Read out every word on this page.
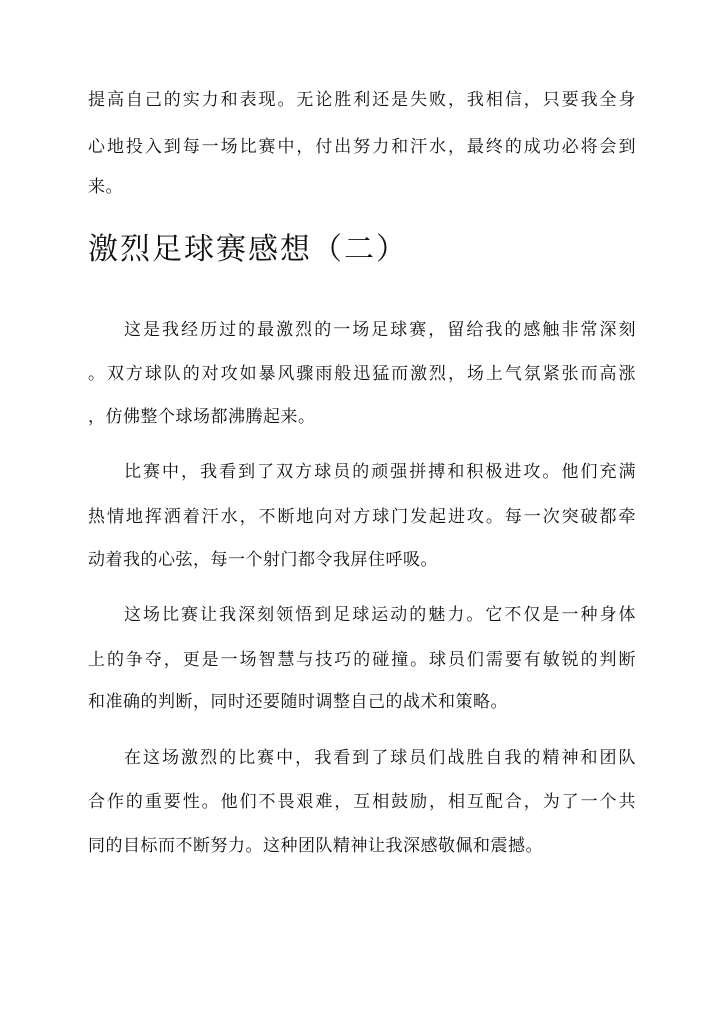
提高自己的实力和表现。无论胜利还是失败，我相信，只要我全身
心地投入到每一场比赛中，付出努力和汗水，最终的成功必将会到
来。
激烈足球赛感想（二）
这是我经历过的最激烈的一场足球赛，留给我的感触非常深刻
。双方球队的对攻如暴风骤雨般迅猛而激烈，场上气氛紧张而高涨
，仿佛整个球场都沸腾起来。
比赛中，我看到了双方球员的顽强拼搏和积极进攻。他们充满
热情地挥洒着汗水，不断地向对方球门发起进攻。每一次突破都牵
动着我的心弦，每一个射门都令我屏住呼吸。
这场比赛让我深刻领悟到足球运动的魅力。它不仅是一种身体
上的争夺，更是一场智慧与技巧的碰撞。球员们需要有敏锐的判断
和准确的判断，同时还要随时调整自己的战术和策略。
在这场激烈的比赛中，我看到了球员们战胜自我的精神和团队
合作的重要性。他们不畏艰难，互相鼓励，相互配合，为了一个共
同的目标而不断努力。这种团队精神让我深感敬佩和震撼。
